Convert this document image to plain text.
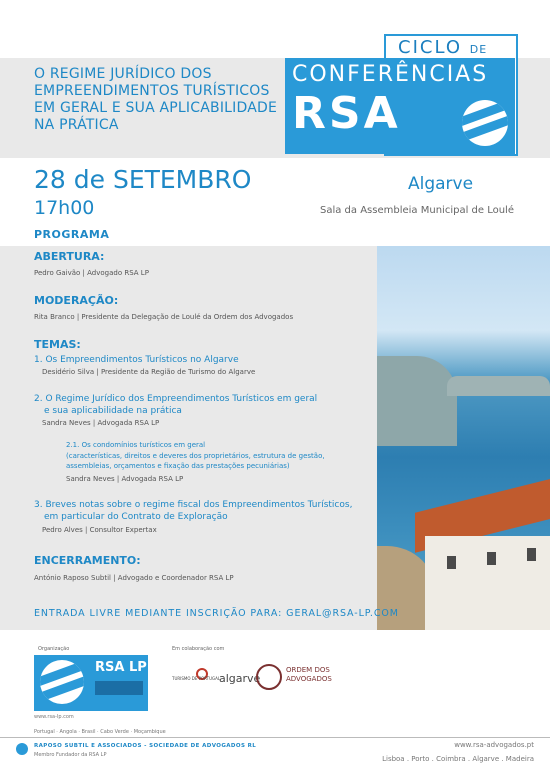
O REGIME JURÍDICO DOS EMPREENDIMENTOS TURÍSTICOS EM GERAL E SUA APLICABILIDADE NA PRÁTICA
CICLO DE
CONFERÊNCIAS
RSA
28 de SETEMBRO
17h00
Algarve
Sala da Assembleia Municipal de Loulé
PROGRAMA
ABERTURA:
Pedro Gaivão | Advogado RSA LP
MODERAÇÃO:
Rita Branco | Presidente da Delegação de Loulé da Ordem dos Advogados
TEMAS:
1. Os Empreendimentos Turísticos no Algarve
Desidério Silva | Presidente da Região de Turismo do Algarve
2. O Regime Jurídico dos Empreendimentos Turísticos em geral
e sua aplicabilidade na prática
Sandra Neves | Advogada RSA LP
2.1. Os condomínios turísticos em geral
(características, direitos e deveres dos proprietários, estrutura de gestão,
assembleias, orçamentos e fixação das prestações pecuniárias)
Sandra Neves | Advogada RSA LP
3. Breves notas sobre o regime fiscal dos Empreendimentos Turísticos,
em particular do Contrato de Exploração
Pedro Alves | Consultor Expertax
ENCERRAMENTO:
António Raposo Subtil | Advogado e Coordenador RSA LP
ENTRADA LIVRE MEDIANTE INSCRIÇÃO PARA: GERAL@RSA-LP.COM
Organização
RSA LP
www.rsa-lp.com
Portugal · Angola · Brasil · Cabo Verde · Moçambique
Em colaboração com
TURISMO DE PORTUGAL
algarve
ORDEM DOS
ADVOGADOS
RAPOSO SUBTIL E ASSOCIADOS - SOCIEDADE DE ADVOGADOS RL
Membro Fundador da RSA LP
www.rsa-advogados.pt
Lisboa . Porto . Coimbra . Algarve . Madeira
